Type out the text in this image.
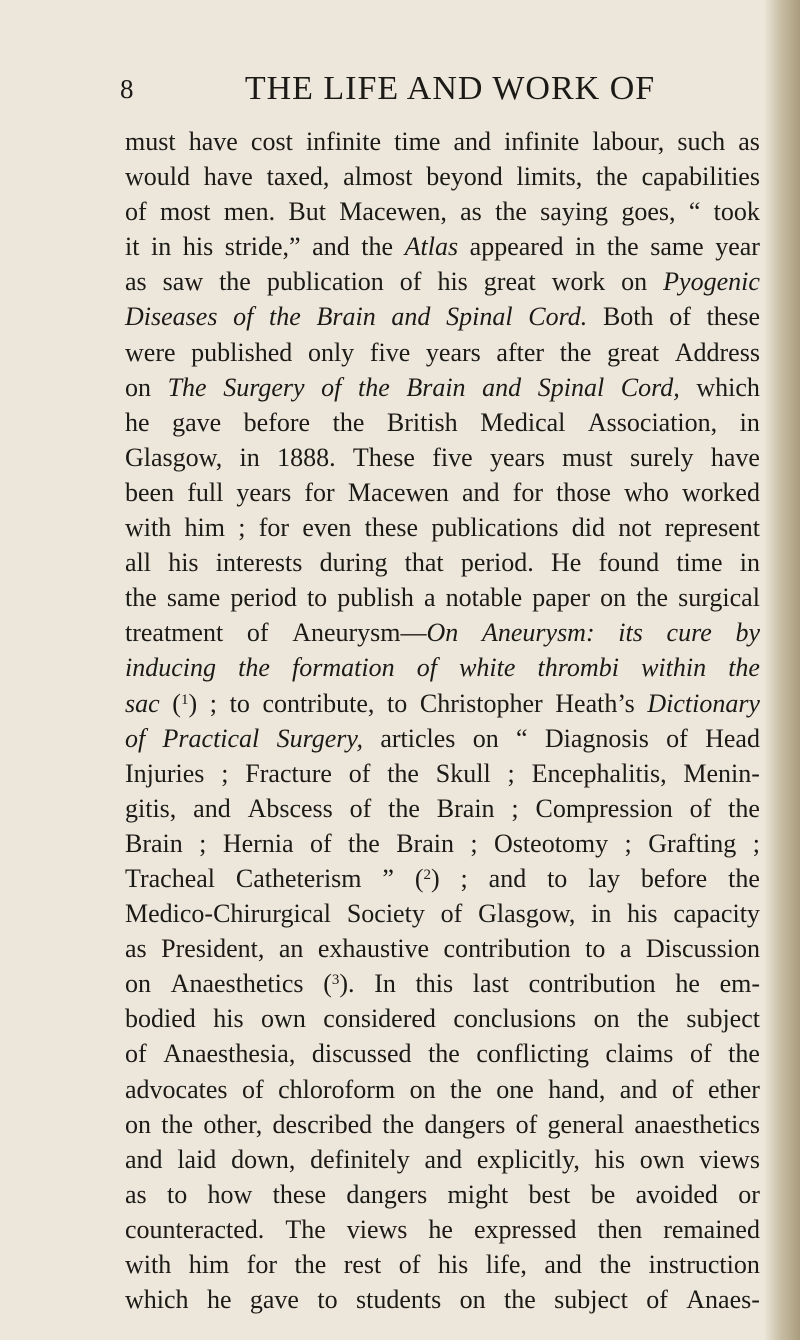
8	THE LIFE AND WORK OF
must have cost infinite time and infinite labour, such as
would have taxed, almost beyond limits, the capabilities
of most men. But Macewen, as the saying goes, “ took
it in his stride,” and the Atlas appeared in the same year
as saw the publication of his great work on Pyogenic
Diseases of the Brain and Spinal Cord. Both of these
were published only five years after the great Address
on The Surgery of the Brain and Spinal Cord, which
he gave before the British Medical Association, in
Glasgow, in 1888. These five years must surely have
been full years for Macewen and for those who worked
with him ; for even these publications did not represent
all his interests during that period. He found time in
the same period to publish a notable paper on the surgical
treatment of Aneurysm—On Aneurysm: its cure by
inducing the formation of white thrombi within the
sac ($^1$) ; to contribute, to Christopher Heath’s Dictionary
of Practical Surgery, articles on “ Diagnosis of Head
Injuries ; Fracture of the Skull ; Encephalitis, Menin-
gitis, and Abscess of the Brain ; Compression of the
Brain ; Hernia of the Brain ; Osteotomy ; Grafting ;
Tracheal Catheterism ” ($^2$) ; and to lay before the
Medico-Chirurgical Society of Glasgow, in his capacity
as President, an exhaustive contribution to a Discussion
on Anaesthetics ($^3$). In this last contribution he em-
bodied his own considered conclusions on the subject
of Anaesthesia, discussed the conflicting claims of the
advocates of chloroform on the one hand, and of ether
on the other, described the dangers of general anaesthetics
and laid down, definitely and explicitly, his own views
as to how these dangers might best be avoided or
counteracted. The views he expressed then remained
with him for the rest of his life, and the instruction
which he gave to students on the subject of Anaes-
